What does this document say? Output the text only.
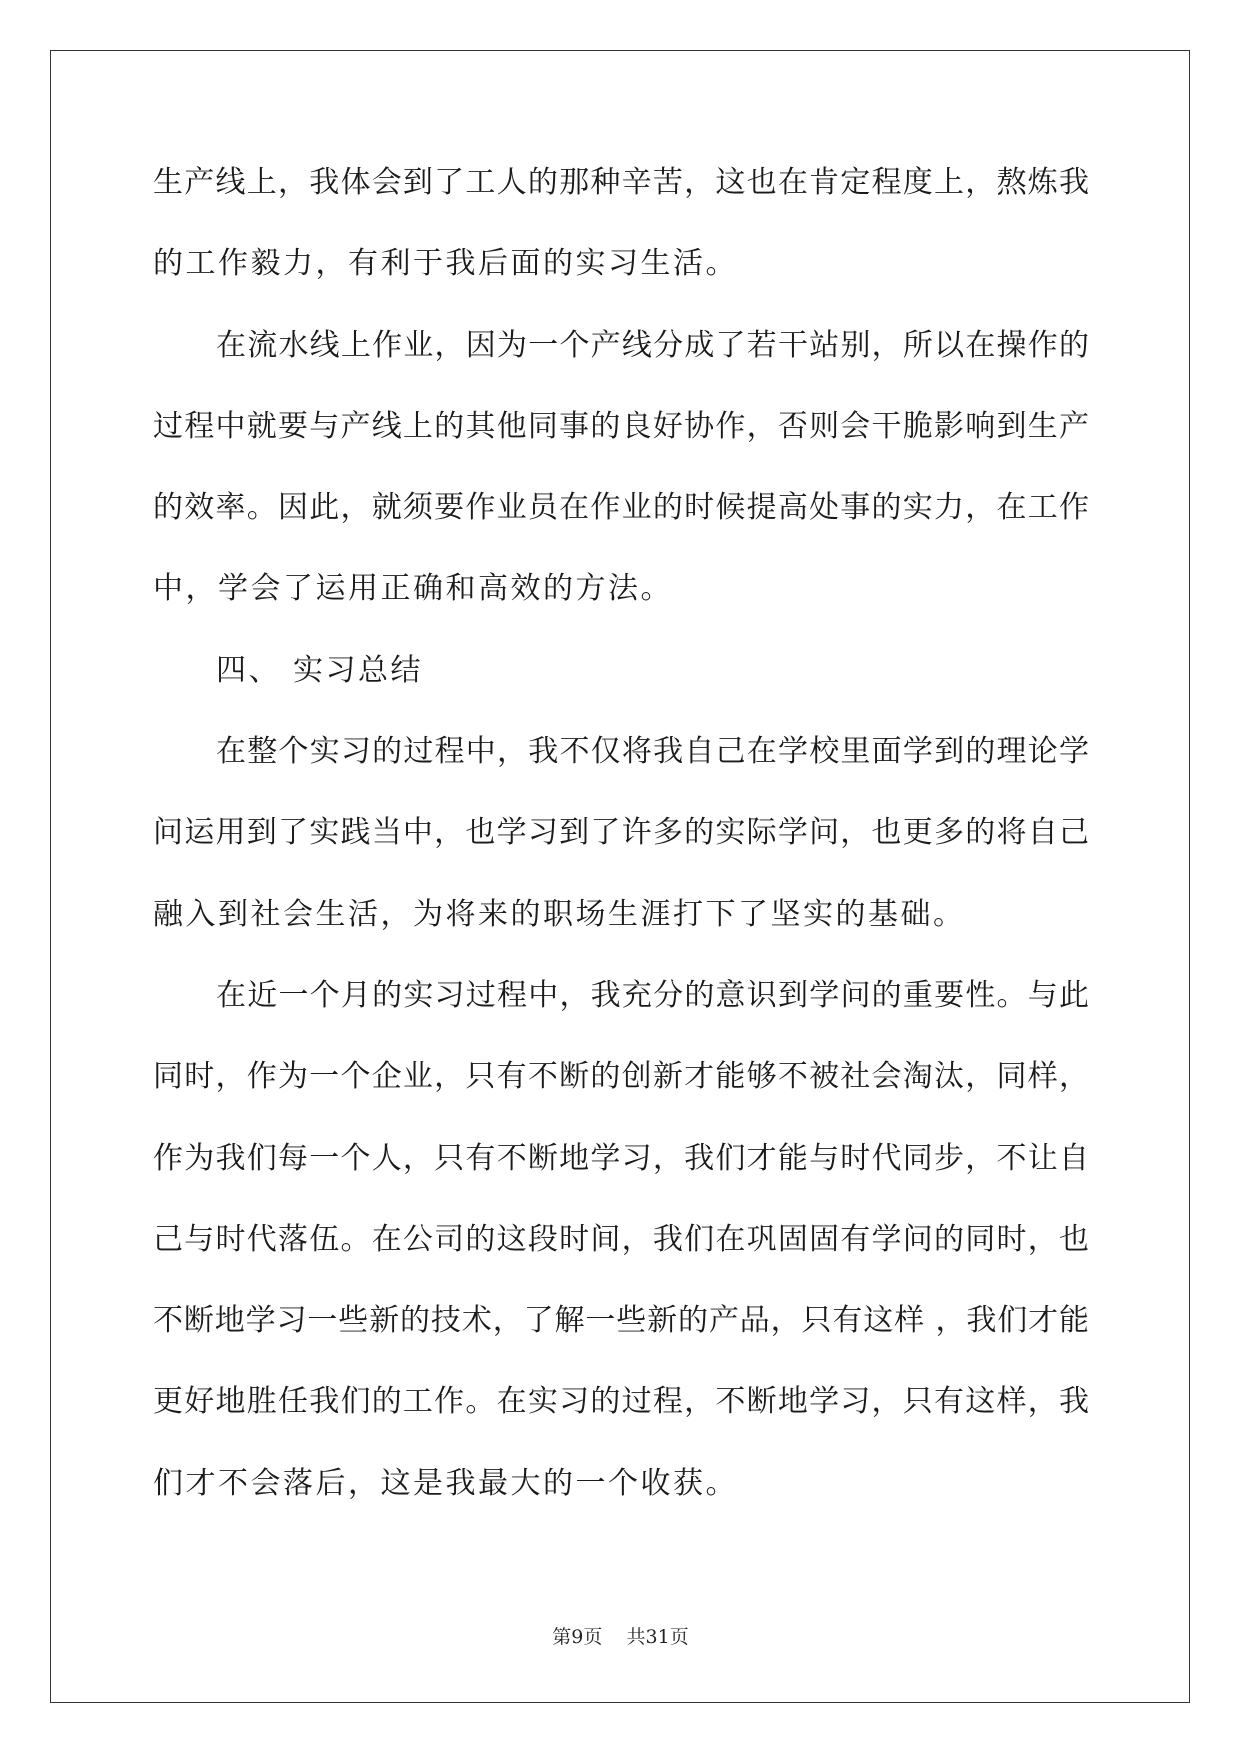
生产线上，我体会到了工人的那种辛苦，这也在肯定程度上，熬炼我
的工作毅力，有利于我后面的实习生活。
在流水线上作业，因为一个产线分成了若干站别，所以在操作的
过程中就要与产线上的其他同事的良好协作，否则会干脆影响到生产
的效率。因此，就须要作业员在作业的时候提高处事的实力，在工作
中，学会了运用正确和高效的方法。
四、 实习总结
在整个实习的过程中，我不仅将我自己在学校里面学到的理论学
问运用到了实践当中，也学习到了许多的实际学问，也更多的将自己
融入到社会生活，为将来的职场生涯打下了坚实的基础。
在近一个月的实习过程中，我充分的意识到学问的重要性。与此
同时，作为一个企业，只有不断的创新才能够不被社会淘汰，同样，
作为我们每一个人，只有不断地学习，我们才能与时代同步，不让自
己与时代落伍。在公司的这段时间，我们在巩固固有学问的同时，也
不断地学习一些新的技术，了解一些新的产品，只有这样 ，我们才能
更好地胜任我们的工作。在实习的过程，不断地学习，只有这样，我
们才不会落后，这是我最大的一个收获。
第9页 共31页
